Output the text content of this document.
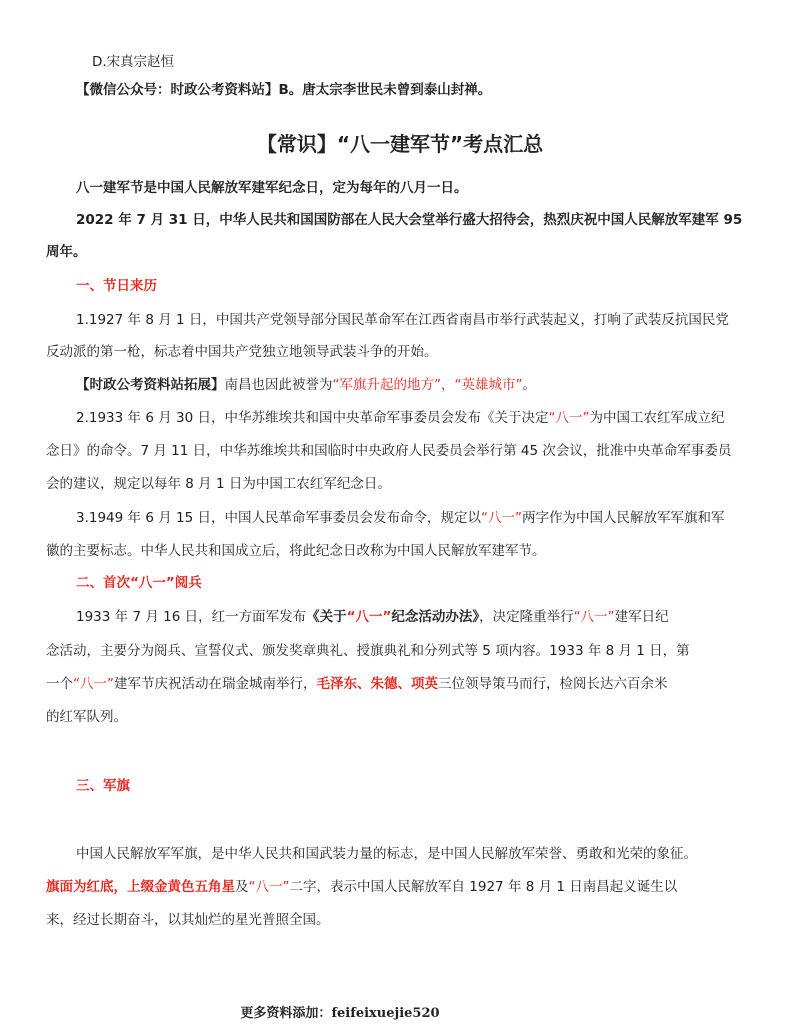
D.宋真宗赵恒
【微信公众号：时政公考资料站】B。唐太宗李世民未曾到泰山封禅。
【常识】“八一建军节”考点汇总
八一建军节是中国人民解放军建军纪念日，定为每年的八月一日。
2022 年 7 月 31 日，中华人民共和国国防部在人民大会堂举行盛大招待会，热烈庆祝中国人民解放军建军 95
周年。
一、节日来历
1.1927 年 8 月 1 日，中国共产党领导部分国民革命军在江西省南昌市举行武装起义，打响了武装反抗国民党
反动派的第一枪，标志着中国共产党独立地领导武装斗争的开始。
【时政公考资料站拓展】南昌也因此被誉为“军旗升起的地方”，“英雄城市”。
2.1933 年 6 月 30 日，中华苏维埃共和国中央革命军事委员会发布《关于决定“八一”为中国工农红军成立纪
念日》的命令。7 月 11 日，中华苏维埃共和国临时中央政府人民委员会举行第 45 次会议，批准中央革命军事委员
会的建议，规定以每年 8 月 1 日为中国工农红军纪念日。
3.1949 年 6 月 15 日，中国人民革命军事委员会发布命令，规定以“八一”两字作为中国人民解放军军旗和军
徽的主要标志。中华人民共和国成立后，将此纪念日改称为中国人民解放军建军节。
二、首次“八一”阅兵
1933 年 7 月 16 日，红一方面军发布《关于“八一”纪念活动办法》，决定隆重举行“八一”建军日纪
念活动，主要分为阅兵、宣誓仪式、颁发奖章典礼、授旗典礼和分列式等 5 项内容。1933 年 8 月 1 日，第
一个“八一”建军节庆祝活动在瑞金城南举行，毛泽东、朱德、项英三位领导策马而行，检阅长达六百余米
的红军队列。
三、军旗
中国人民解放军军旗，是中华人民共和国武装力量的标志，是中国人民解放军荣誉、勇敢和光荣的象征。
旗面为红底，上缀金黄色五角星及“八一”二字，表示中国人民解放军自 1927 年 8 月 1 日南昌起义诞生以
来，经过长期奋斗，以其灿烂的星光普照全国。
更多资料添加：feifeixuejie520
